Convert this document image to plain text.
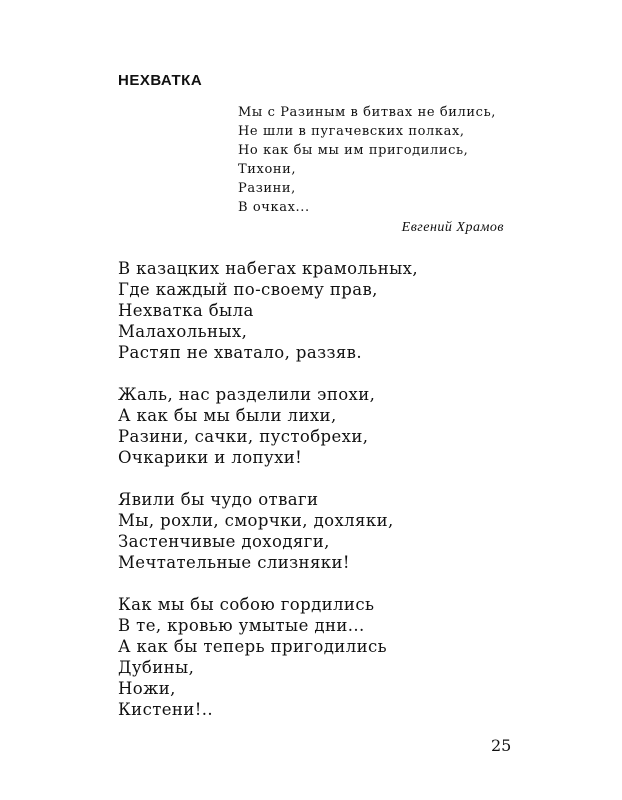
НЕХВАТКА
Мы с Разиным в битвах не бились,
Не шли в пугачевских полках,
Но как бы мы им пригодились,
Тихони,
Разини,
В очках...
Евгений Храмов
В казацких набегах крамольных,
Где каждый по-своему прав,
Нехватка была
Малахольных,
Растяп не хватало, раззяв.
Жаль, нас разделили эпохи,
А как бы мы были лихи,
Разини, сачки, пустобрехи,
Очкарики и лопухи!
Явили бы чудо отваги
Мы, рохли, сморчки, дохляки,
Застенчивые доходяги,
Мечтательные слизняки!
Как мы бы собою гордились
В те, кровью умытые дни...
А как бы теперь пригодились
Дубины,
Ножи,
Кистени!..
25
